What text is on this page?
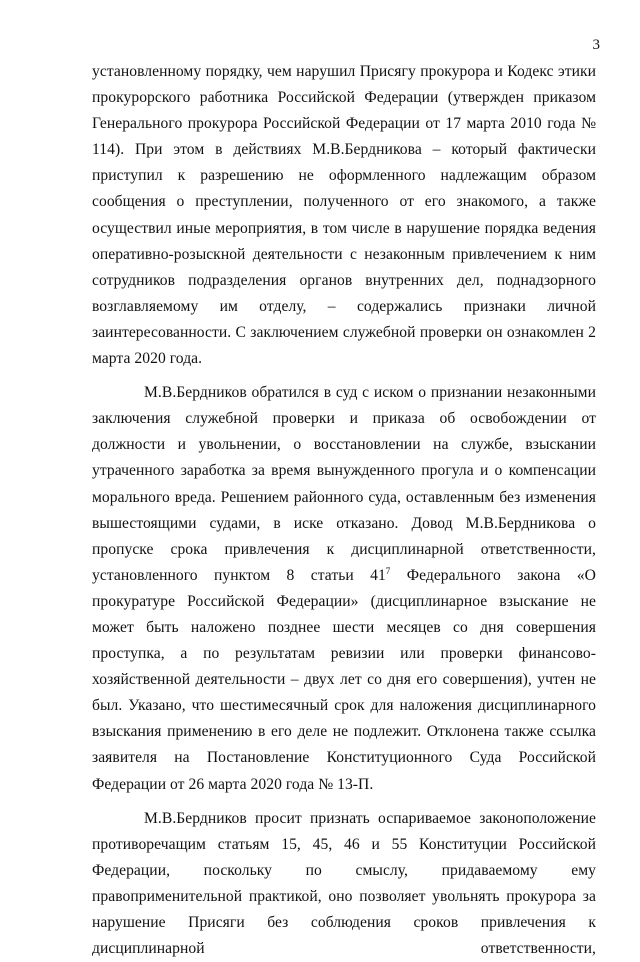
3

установленному порядку, чем нарушил Присягу прокурора и Кодекс этики прокурорского работника Российской Федерации (утвержден приказом Генерального прокурора Российской Федерации от 17 марта 2010 года № 114). При этом в действиях М.В.Бердникова – который фактически приступил к разрешению не оформленного надлежащим образом сообщения о преступлении, полученного от его знакомого, а также осуществил иные мероприятия, в том числе в нарушение порядка ведения оперативно-розыскной деятельности с незаконным привлечением к ним сотрудников подразделения органов внутренних дел, поднадзорного возглавляемому им отделу, – содержались признаки личной заинтересованности. С заключением служебной проверки он ознакомлен 2 марта 2020 года.

М.В.Бердников обратился в суд с иском о признании незаконными заключения служебной проверки и приказа об освобождении от должности и увольнении, о восстановлении на службе, взыскании утраченного заработка за время вынужденного прогула и о компенсации морального вреда. Решением районного суда, оставленным без изменения вышестоящими судами, в иске отказано. Довод М.В.Бердникова о пропуске срока привлечения к дисциплинарной ответственности, установленного пунктом 8 статьи $41^7$ Федерального закона «О прокуратуре Российской Федерации» (дисциплинарное взыскание не может быть наложено позднее шести месяцев со дня совершения проступка, а по результатам ревизии или проверки финансово-хозяйственной деятельности – двух лет со дня его совершения), учтен не был. Указано, что шестимесячный срок для наложения дисциплинарного взыскания применению в его деле не подлежит. Отклонена также ссылка заявителя на Постановление Конституционного Суда Российской Федерации от 26 марта 2020 года № 13-П.

М.В.Бердников просит признать оспариваемое законоположение противоречащим статьям 15, 45, 46 и 55 Конституции Российской Федерации, поскольку по смыслу, придаваемому ему правоприменительной практикой, оно позволяет увольнять прокурора за нарушение Присяги без соблюдения сроков привлечения к дисциплинарной ответственности,
